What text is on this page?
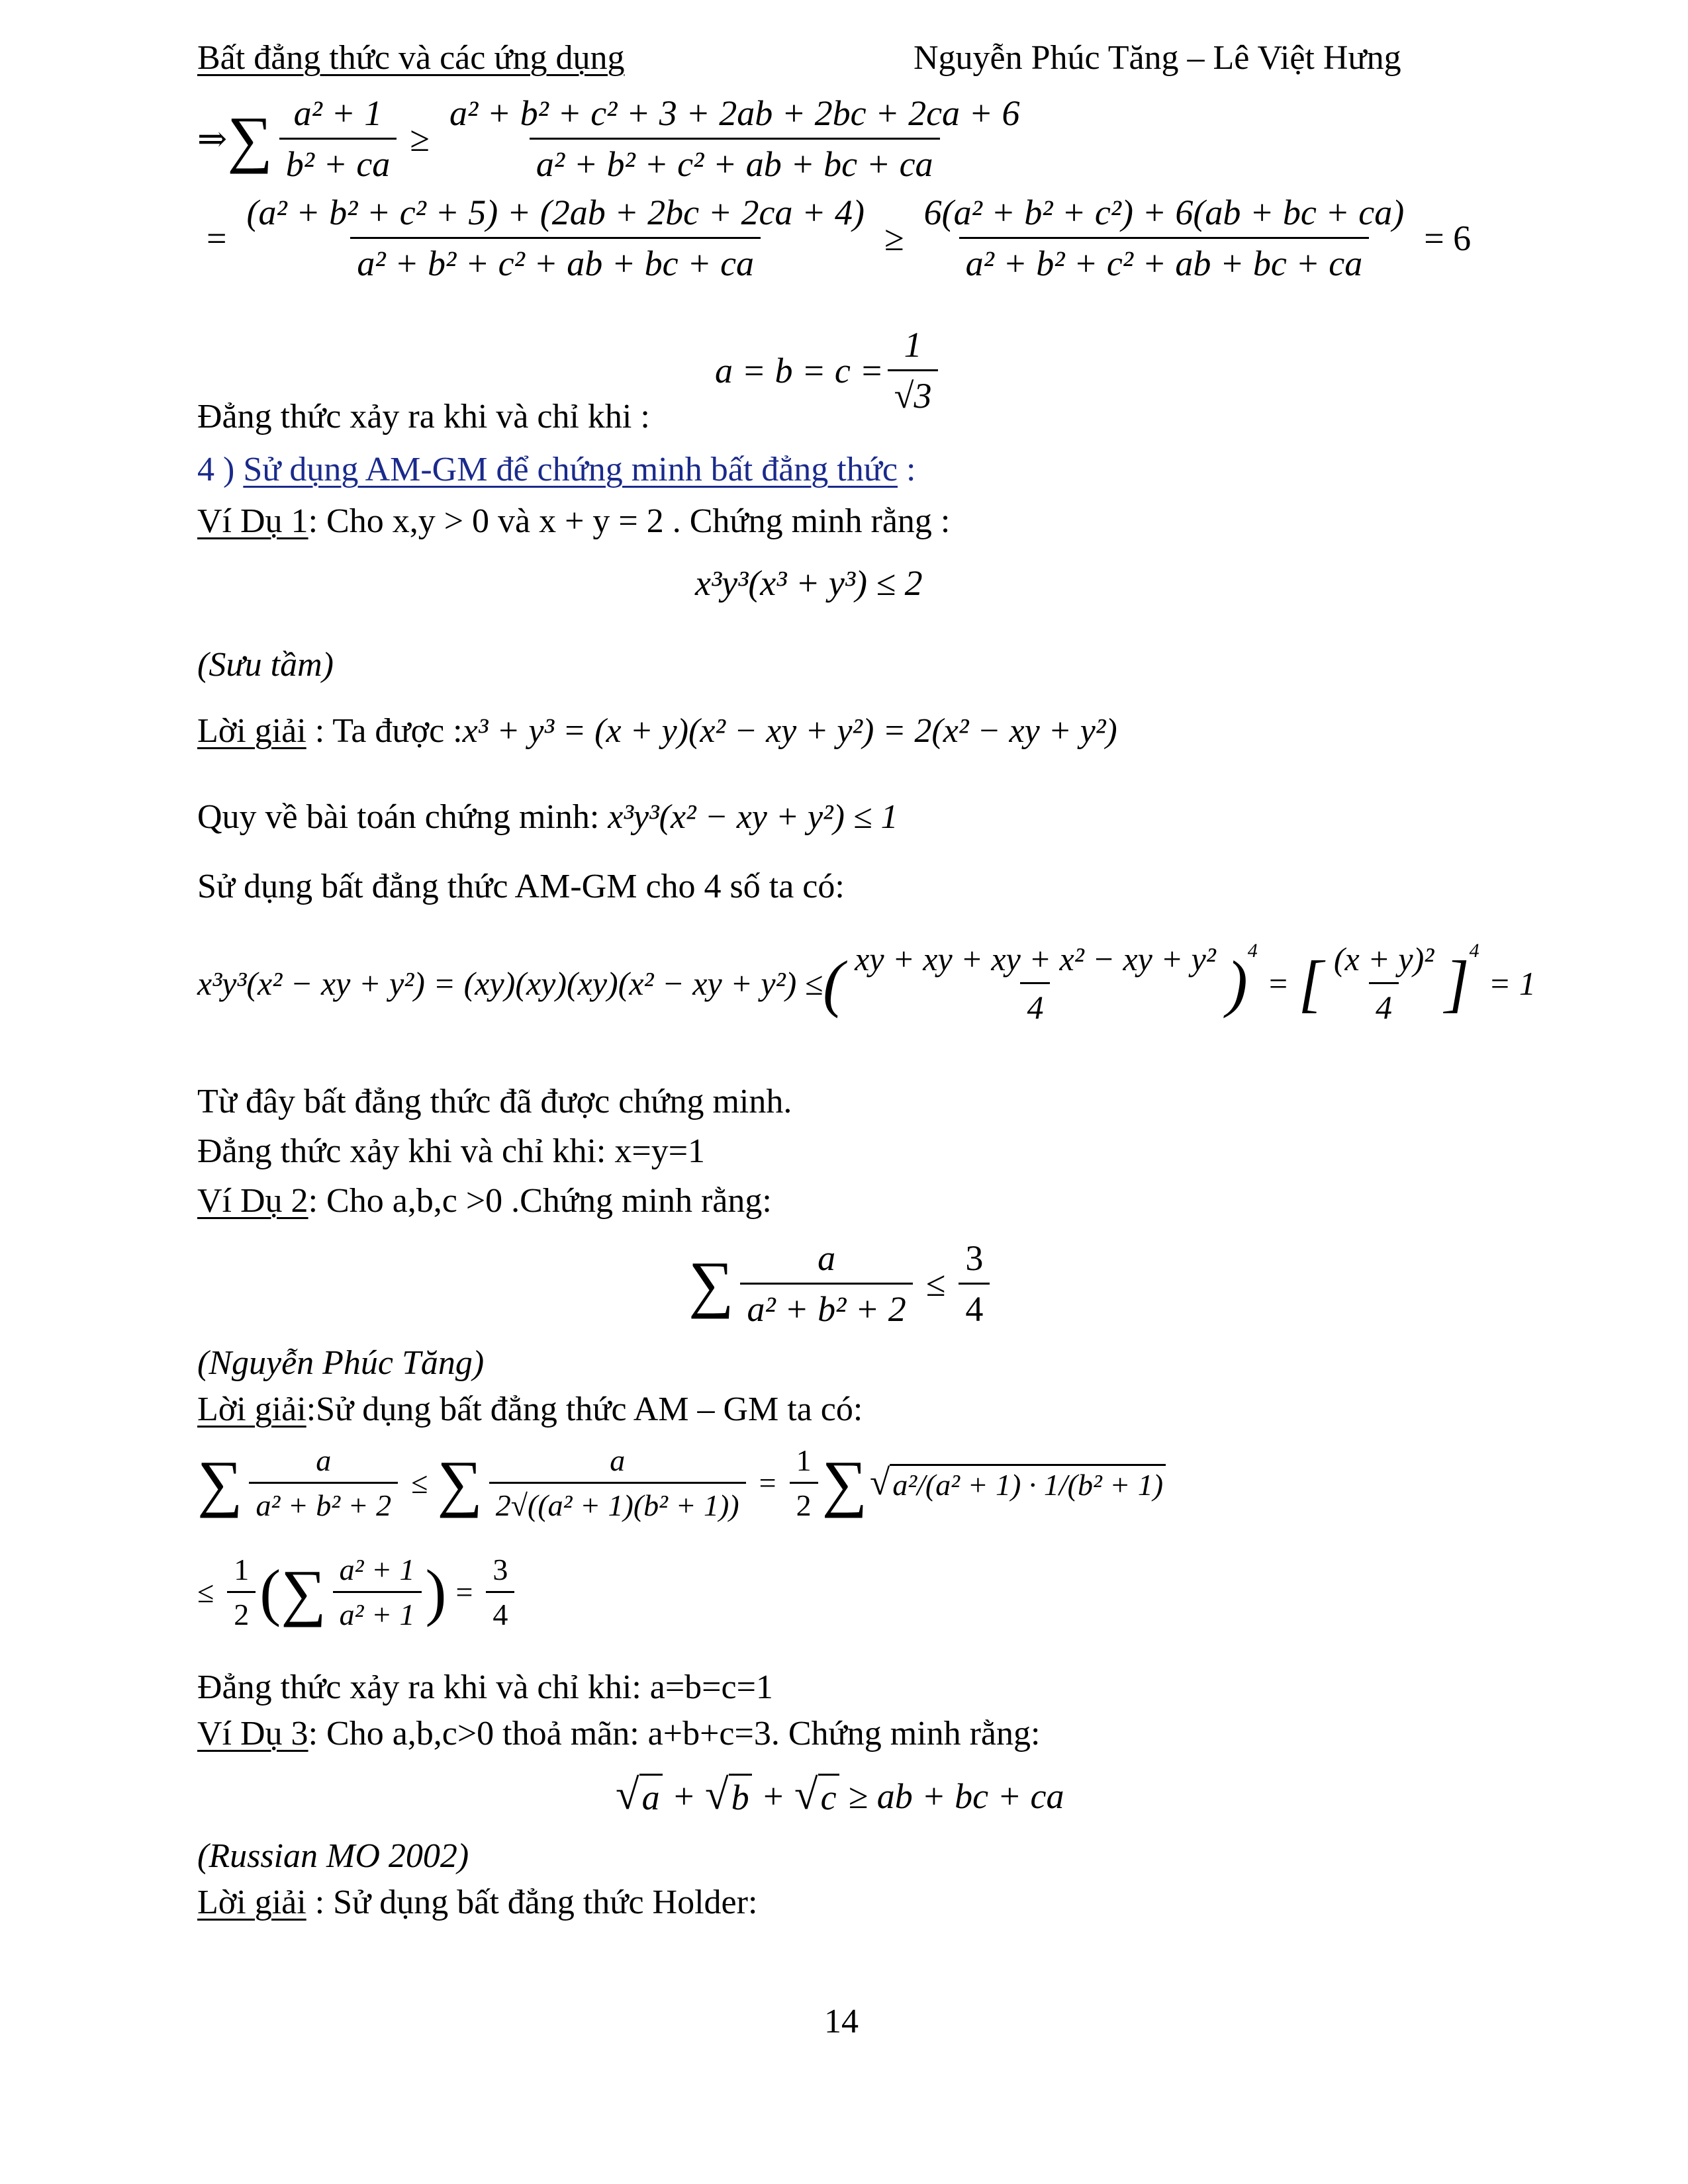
Bất đẳng thức và các ứng dụng	Nguyễn Phúc Tăng – Lê Việt Hưng
⇒ ∑ $\frac{\text{a² + 1}}{\text{b² + ca}} \ge \frac{\text{a² + b² + c² + 3 + 2ab + 2bc + 2ca + 6}}{\text{a² + b² + c² + ab + bc + ca}}$
= $\frac{\text{(a² + b² + c² + 5) + (2ab + 2bc + 2ca + 4)}}{\text{a² + b² + c² + ab + bc + ca}} \ge \frac{\text{6(a² + b² + c²) + 6(ab + bc + ca)}}{\text{a² + b² + c² + ab + bc + ca}} = 6$
$a = b = c = \frac{1}{√3}$
Đẳng thức xảy ra khi và chỉ khi :
4 ) Sử dụng AM-GM để chứng minh bất đẳng thức :
Ví Dụ 1: Cho x,y > 0 và x + y = 2 . Chứng minh rằng :
x³y³(x³ + y³) ≤ 2
(Sưu tầm)
Lời giải : Ta được :x³ + y³ = (x + y)(x² − xy + y²) = 2(x² − xy + y²)
Quy về bài toán chứng minh: x³y³(x² − xy + y²) ≤ 1
Sử dụng bất đẳng thức AM-GM cho 4 số ta có:
x³y³(x² − xy + y²) = (xy)(xy)(xy)(x² − xy + y²) ≤ ( $\frac{\text{xy + xy + xy + x² − xy + y²}}{4} )^4$
= [ $\frac{\text{(x + y)²}}{4} ]^4$
= 1
Từ đây bất đẳng thức đã được chứng minh.
Đẳng thức xảy khi và chỉ khi: x=y=1
Ví Dụ 2: Cho a,b,c >0 .Chứng minh rằng:
∑ $\frac{a}{\text{a² + b² + 2}} \le \frac{3}{4}$
(Nguyễn Phúc Tăng)
Lời giải:Sử dụng bất đẳng thức AM – GM ta có:
∑ $\frac{a}{\text{a² + b² + 2}}$ ≤ ∑ $\frac{a}{\text{2√((a² + 1)(b² + 1))}} = \frac{1}{2}$ ∑ √ a²/(a² + 1) · 1/(b² + 1)
≤ $\frac{1}{2}$ ( ∑ $\frac{\text{a² + 1}}{\text{a² + 1}}$ ) = $\frac{3}{4}$
Đẳng thức xảy ra khi và chỉ khi: a=b=c=1
Ví Dụ 3: Cho a,b,c>0 thoả mãn: a+b+c=3. Chứng minh rằng:
√ a + √ b + √ c ≥ ab + bc + ca
(Russian MO 2002)
Lời giải : Sử dụng bất đẳng thức Holder:
14
